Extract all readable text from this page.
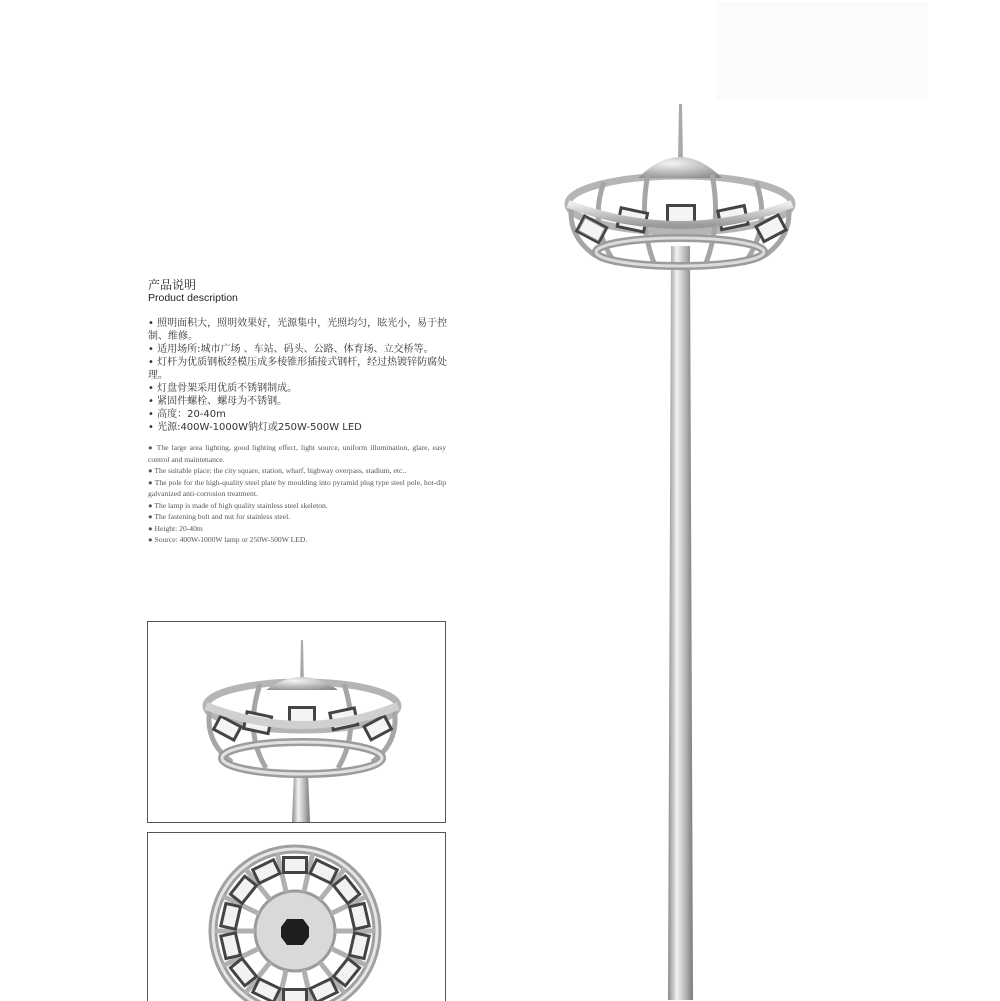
产品说明
Product description
• 照明面积大，照明效果好，光源集中，光照均匀，眩光小，易于控制、维修。
• 适用场所:城市广场 、车站、码头、公路、体育场、立交桥等。
• 灯杆为优质钢板经模压成多棱锥形插接式钢杆，经过热镀锌防腐处理。
• 灯盘骨架采用优质不锈钢制成。
• 紧固件螺栓、螺母为不锈钢。
• 高度：20-40m
• 光源:400W-1000W钠灯或250W-500W LED
● The large area lighting, good lighting effect, light source, uniform illumination, glare, easy control and maintenance.
● The suitable place: the city square, station, wharf, highway overpass, stadium, etc..
● The pole for the high-quality steel plate by moulding into pyramid plug type steel pole, hot-dip galvanized anti-corrosion treatment.
● The lamp is made of high quality stainless steel skeleton.
● The fastening bolt and nut for stainless steel.
● Height: 20-40m
● Source: 400W-1000W lamp or 250W-500W LED.
